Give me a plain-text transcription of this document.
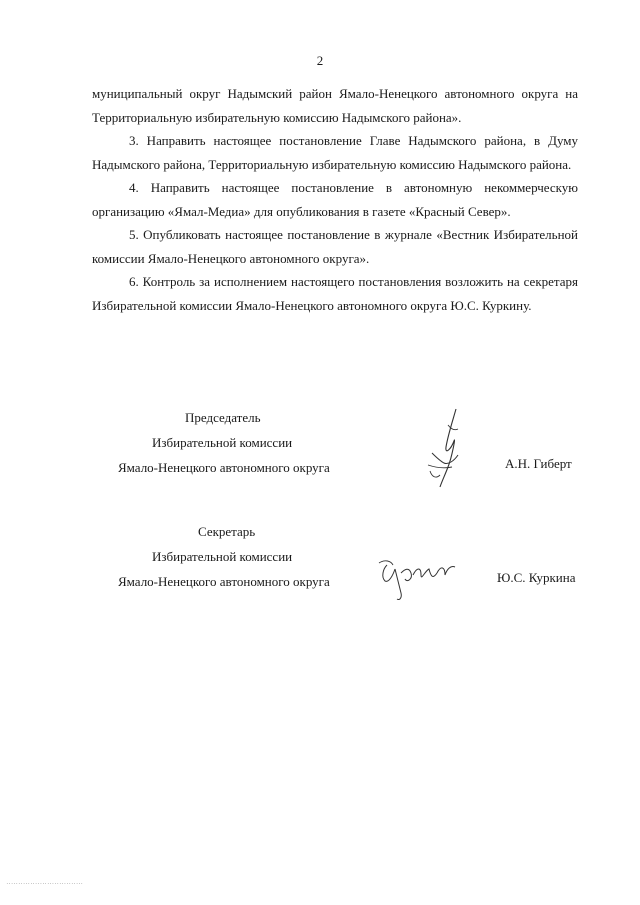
2

муниципальный округ Надымский район Ямало-Ненецкого автономного округа на Территориальную избирательную комиссию Надымского района».

3. Направить настоящее постановление Главе Надымского района, в Думу Надымского района, Территориальную избирательную комиссию Надымского района.

4. Направить настоящее постановление в автономную некоммерческую организацию «Ямал-Медиа» для опубликования в газете «Красный Север».

5. Опубликовать настоящее постановление в журнале «Вестник Избирательной комиссии Ямало-Ненецкого автономного округа».

6. Контроль за исполнением настоящего постановления возложить на секретаря Избирательной комиссии Ямало-Ненецкого автономного округа Ю.С. Куркину.

Председатель
Избирательной комиссии
Ямало-Ненецкого автономного округа	А.Н. Гиберт
Секретарь
Избирательной комиссии
Ямало-Ненецкого автономного округа	Ю.С. Куркина
................................
